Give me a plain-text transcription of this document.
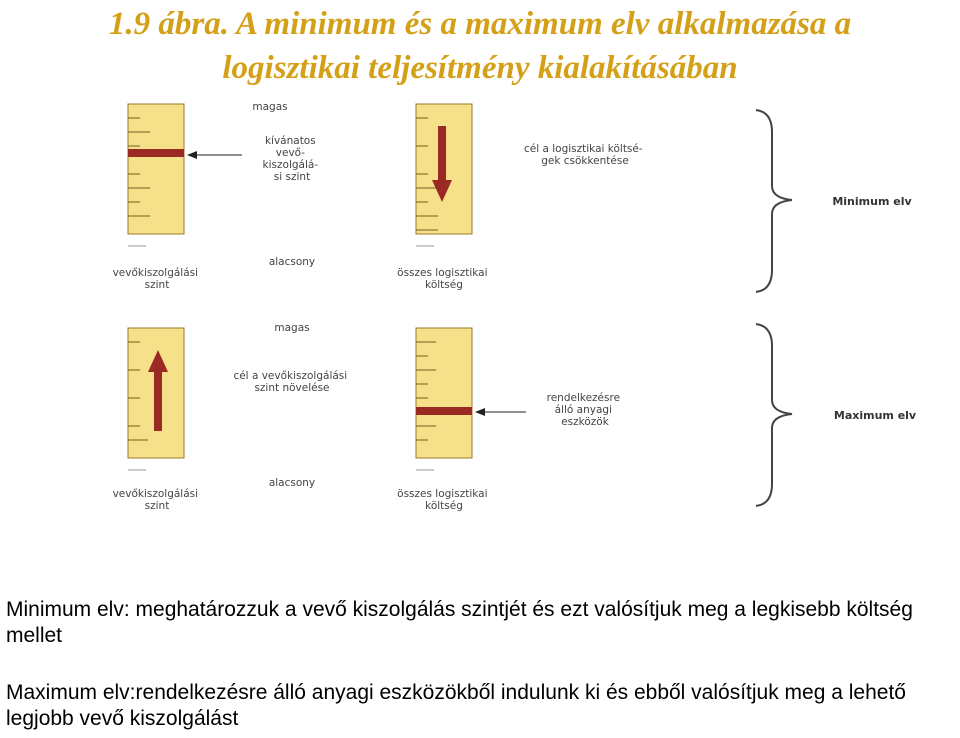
1.9 ábra. A minimum és a maximum elv alkalmazása a
logisztikai teljesítmény kialakításában
magas
kívánatos vevő- kiszolgálá- si szint
cél a logisztikai költsé- gek csökkentése
alacsony
vevőkiszolgálási szint
összes logisztikai költség
Minimum elv
magas
cél a vevőkiszolgálási szint növelése
rendelkezésre álló anyagi eszközök
alacsony
vevőkiszolgálási szint
összes logisztikai költség
Maximum elv

Minimum elv: meghatározzuk a vevő kiszolgálás szintjét és ezt valósítjuk meg a legkisebb költség mellet

Maximum elv:rendelkezésre álló anyagi eszközökből indulunk ki és ebből valósítjuk meg a lehető legjobb vevő kiszolgálást
